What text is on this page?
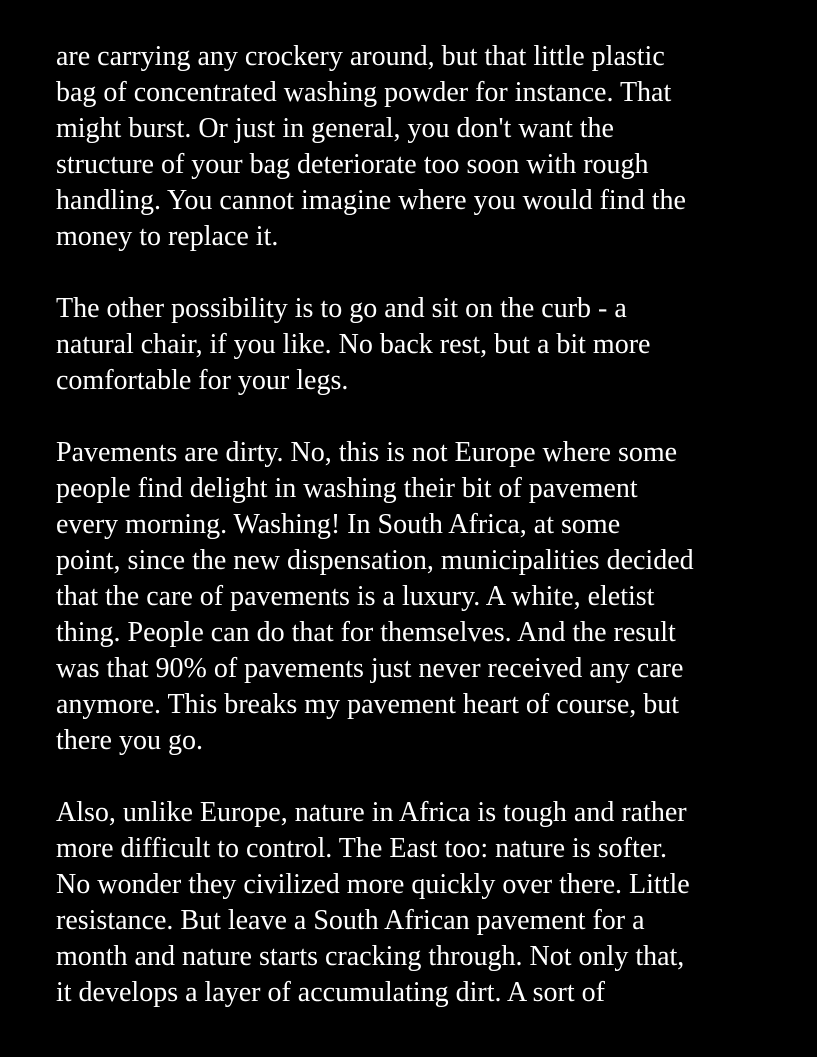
are carrying any crockery around, but that little plastic
bag of concentrated washing powder for instance. That
might burst. Or just in general, you don't want the
structure of your bag deteriorate too soon with rough
handling. You cannot imagine where you would find the
money to replace it.
The other possibility is to go and sit on the curb - a
natural chair, if you like. No back rest, but a bit more
comfortable for your legs.
Pavements are dirty. No, this is not Europe where some
people find delight in washing their bit of pavement
every morning. Washing! In South Africa, at some
point, since the new dispensation, municipalities decided
that the care of pavements is a luxury. A white, eletist
thing. People can do that for themselves. And the result
was that 90% of pavements just never received any care
anymore. This breaks my pavement heart of course, but
there you go.
Also, unlike Europe, nature in Africa is tough and rather
more difficult to control. The East too: nature is softer.
No wonder they civilized more quickly over there. Little
resistance. But leave a South African pavement for a
month and nature starts cracking through. Not only that,
it develops a layer of accumulating dirt. A sort of
